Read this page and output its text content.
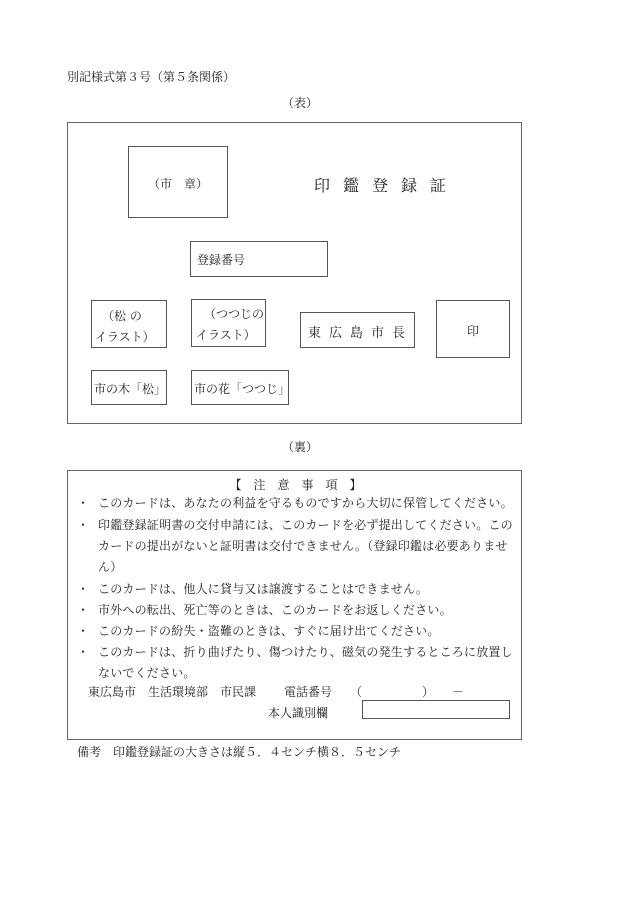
別記様式第３号（第５条関係）
（表）
（市　章）	印鑑登録証
登録番号
（松 の
イラスト）
（つつじの
イラスト）	東広島市長	印
市の木「松」 市の花「つつじ」
（裏）
【　注　意　事　項　】
・ このカードは、あなたの利益を守るものですから大切に保管してください。
・ 印鑑登録証明書の交付申請には、このカードを必ず提出してください。このカードの提出がないと証明書は交付できません。（登録印鑑は必要ありません）
・ このカードは、他人に貸与又は譲渡することはできません。
・ 市外への転出、死亡等のときは、このカードをお返しください。
・ このカードの紛失・盗難のときは、すぐに届け出てください。
・ このカードは、折り曲げたり、傷つけたり、磁気の発生するところに放置しないでください。
東広島市　生活環境部　市民課 電話番号 （　　　　　）　　－
本人識別欄
備考　印鑑登録証の大きさは縦５．４センチ横８．５センチ
